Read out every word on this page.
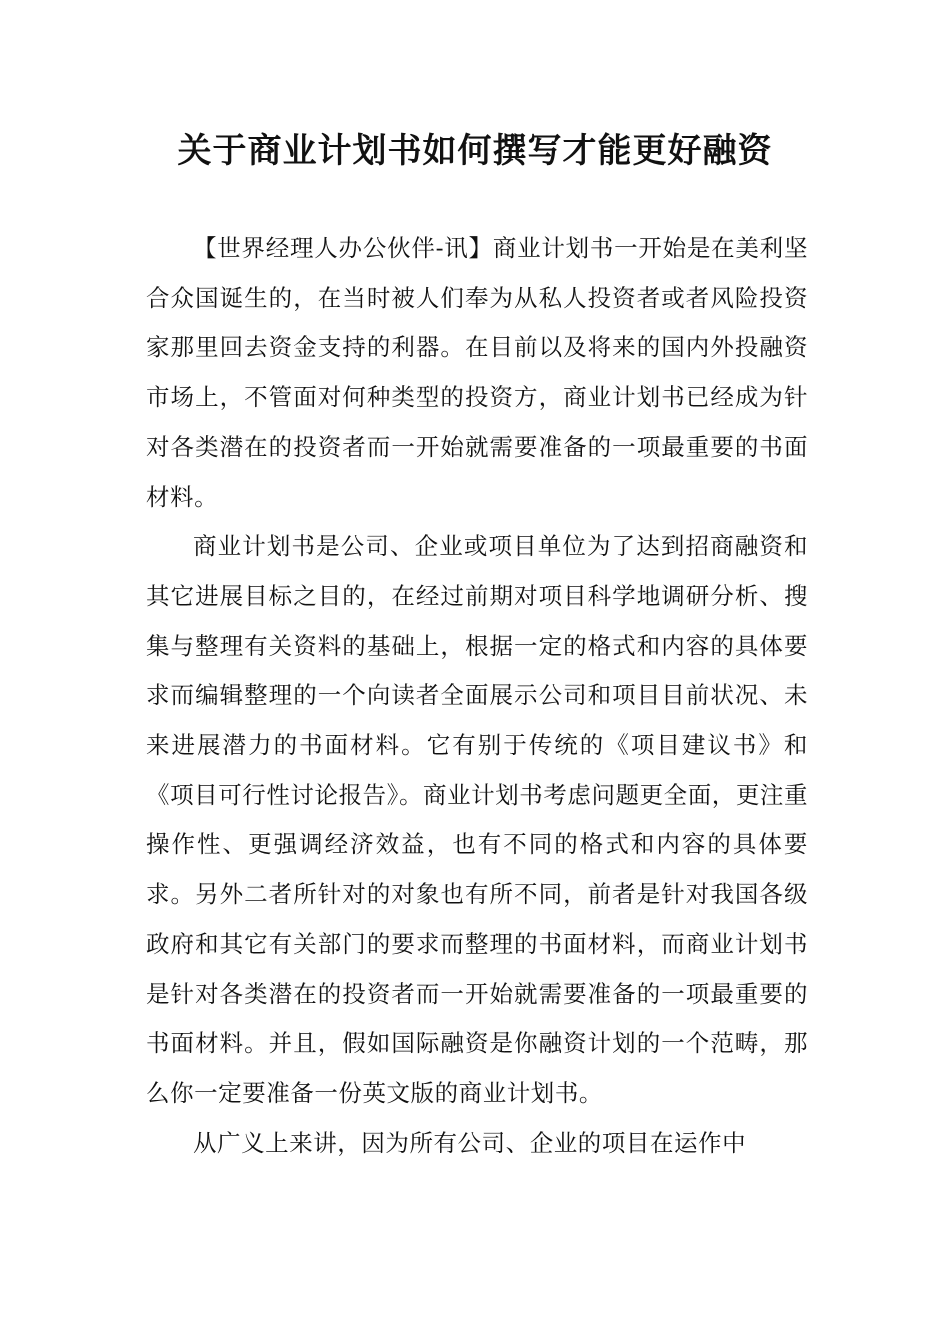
关于商业计划书如何撰写才能更好融资

【世界经理人办公伙伴-讯】商业计划书一开始是在美利坚合众国诞生的，在当时被人们奉为从私人投资者或者风险投资家那里回去资金支持的利器。在目前以及将来的国内外投融资市场上，不管面对何种类型的投资方，商业计划书已经成为针对各类潜在的投资者而一开始就需要准备的一项最重要的书面材料。

商业计划书是公司、企业或项目单位为了达到招商融资和其它进展目标之目的，在经过前期对项目科学地调研分析、搜集与整理有关资料的基础上，根据一定的格式和内容的具体要求而编辑整理的一个向读者全面展示公司和项目目前状况、未来进展潜力的书面材料。它有别于传统的《项目建议书》和《项目可行性讨论报告》。商业计划书考虑问题更全面，更注重操作性、更强调经济效益，也有不同的格式和内容的具体要求。另外二者所针对的对象也有所不同，前者是针对我国各级政府和其它有关部门的要求而整理的书面材料，而商业计划书是针对各类潜在的投资者而一开始就需要准备的一项最重要的书面材料。并且，假如国际融资是你融资计划的一个范畴，那么你一定要准备一份英文版的商业计划书。

从广义上来讲，因为所有公司、企业的项目在运作中
